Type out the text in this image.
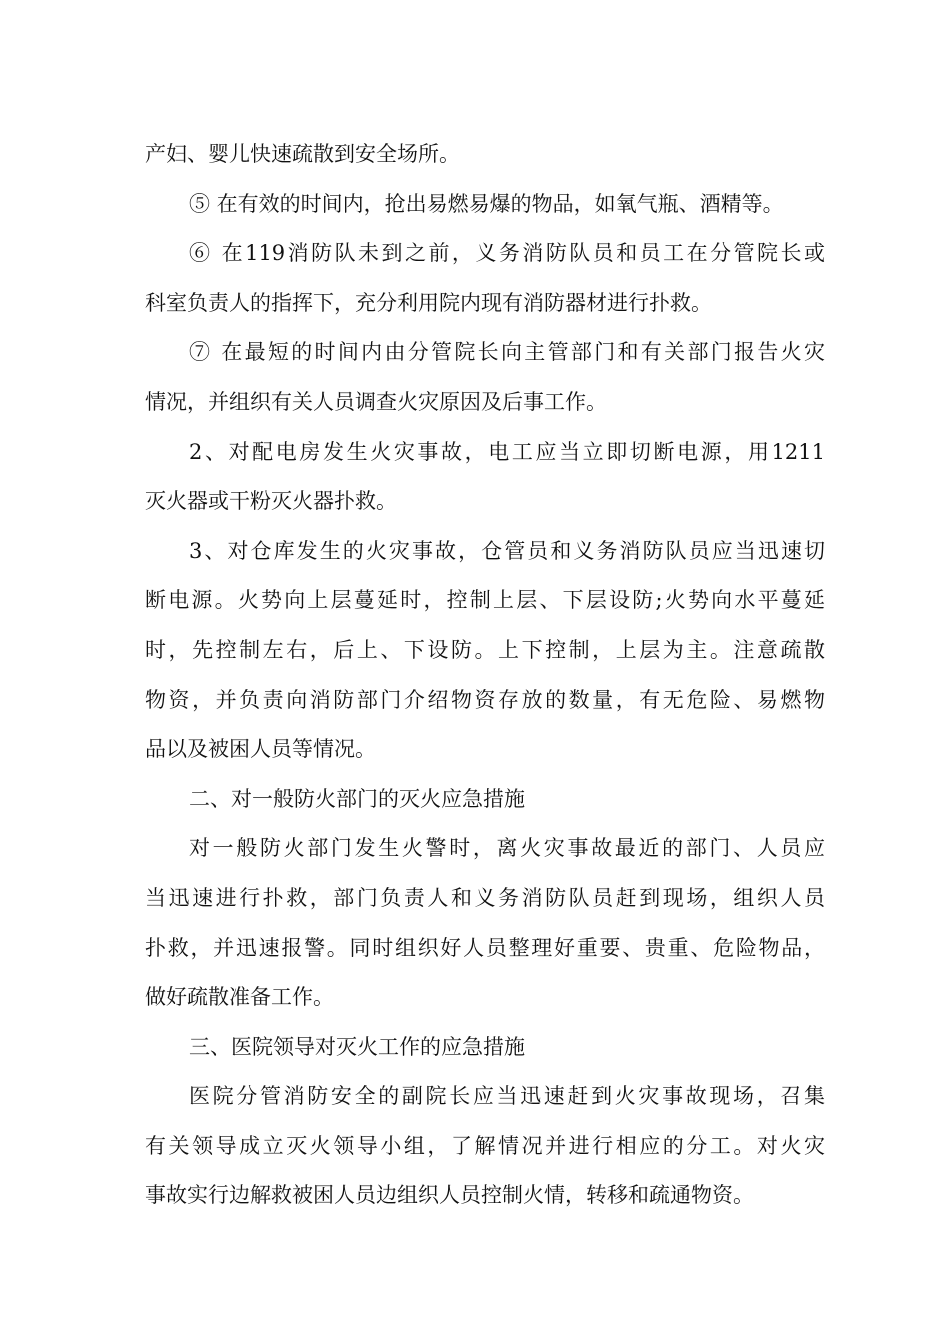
产妇、婴儿快速疏散到安全场所。
⑤ 在有效的时间内，抢出易燃易爆的物品，如氧气瓶、酒精等。
⑥ 在119消防队未到之前，义务消防队员和员工在分管院长或
科室负责人的指挥下，充分利用院内现有消防器材进行扑救。
⑦ 在最短的时间内由分管院长向主管部门和有关部门报告火灾
情况，并组织有关人员调查火灾原因及后事工作。
2、对配电房发生火灾事故，电工应当立即切断电源，用1211
灭火器或干粉灭火器扑救。
3、对仓库发生的火灾事故，仓管员和义务消防队员应当迅速切
断电源。火势向上层蔓延时，控制上层、下层设防;火势向水平蔓延
时，先控制左右，后上、下设防。上下控制，上层为主。注意疏散
物资，并负责向消防部门介绍物资存放的数量，有无危险、易燃物
品以及被困人员等情况。
二、对一般防火部门的灭火应急措施
对一般防火部门发生火警时，离火灾事故最近的部门、人员应
当迅速进行扑救，部门负责人和义务消防队员赶到现场，组织人员
扑救，并迅速报警。同时组织好人员整理好重要、贵重、危险物品，
做好疏散准备工作。
三、医院领导对灭火工作的应急措施
医院分管消防安全的副院长应当迅速赶到火灾事故现场，召集
有关领导成立灭火领导小组，了解情况并进行相应的分工。对火灾
事故实行边解救被困人员边组织人员控制火情，转移和疏通物资。
